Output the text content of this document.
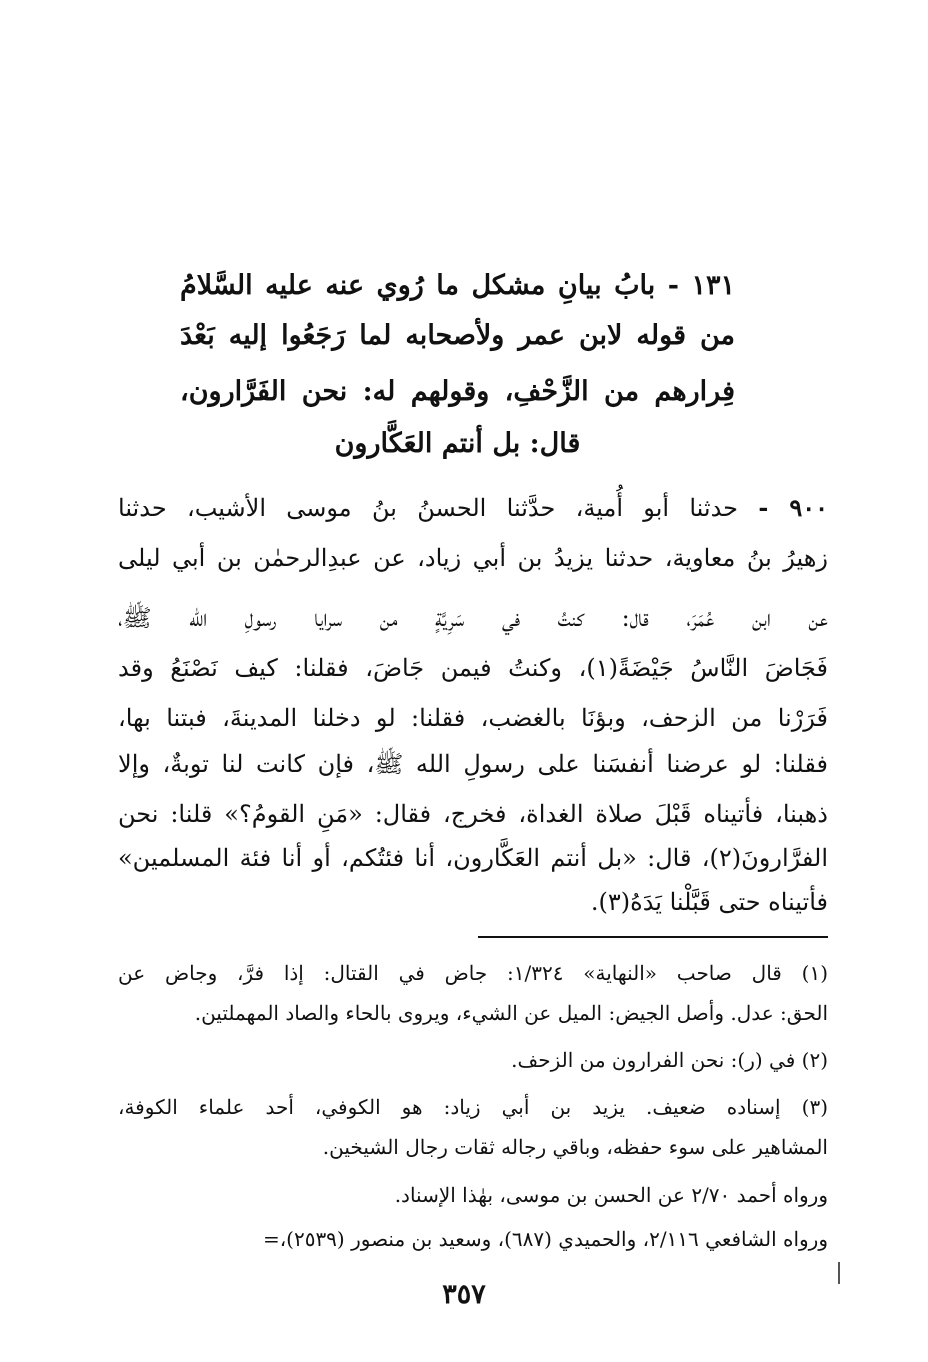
١٣١ - بابُ بيانِ مشكل ما رُوي عنه عليه السَّلامُ
من قوله لابن عمر ولأصحابه لما رَجَعُوا إليه بَعْدَ
فِرارهم من الزَّحْفِ، وقولهم له: نحن الفَرَّارون،
قال: بل أنتم العَكَّارون
٩٠٠ - حدثنا أبو أُمية، حدَّثنا الحسنُ بنُ موسى الأشيب، حدثنا
زهيرُ بنُ معاوية، حدثنا يزيدُ بن أبي زياد، عن عبدِالرحمٰن بن أبي ليلى
عن ابن عُمَرَ، قال: كنتُ في سَرِيَّةٍ من سرايا رسولِ الله ﷺ،
فَجَاضَ النَّاسُ جَيْضَةً(١)، وكنتُ فيمن جَاضَ، فقلنا: كيف نَصْنَعُ وقد
فَرَرْنا من الزحف، وبؤنَا بالغضب، فقلنا: لو دخلنا المدينةَ، فبتنا بها،
فقلنا: لو عرضنا أنفسَنا على رسولِ الله ﷺ، فإن كانت لنا توبةٌ، وإلا
ذهبنا، فأتيناه قَبْلَ صلاة الغداة، فخرج، فقال: «مَنِ القومُ؟» قلنا: نحن
الفرَّارونَ(٢)، قال: «بل أنتم العَكَّارون، أنا فئتُكم، أو أنا فئة المسلمين»
فأتيناه حتى قَبَّلْنا يَدَهُ(٣).
(١) قال صاحب «النهاية» ١/٣٢٤: جاض في القتال: إذا فرَّ، وجاض عن
الحق: عدل. وأصل الجيض: الميل عن الشيء، ويروى بالحاء والصاد المهملتين.
(٢) في (ر): نحن الفرارون من الزحف.
(٣) إسناده ضعيف. يزيد بن أبي زياد: هو الكوفي، أحد علماء الكوفة،
المشاهير على سوء حفظه، وباقي رجاله ثقات رجال الشيخين.
ورواه أحمد ٢/٧٠ عن الحسن بن موسى، بهٰذا الإسناد.
ورواه الشافعي ٢/١١٦، والحميدي (٦٨٧)، وسعيد بن منصور (٢٥٣٩)،=
٣٥٧
